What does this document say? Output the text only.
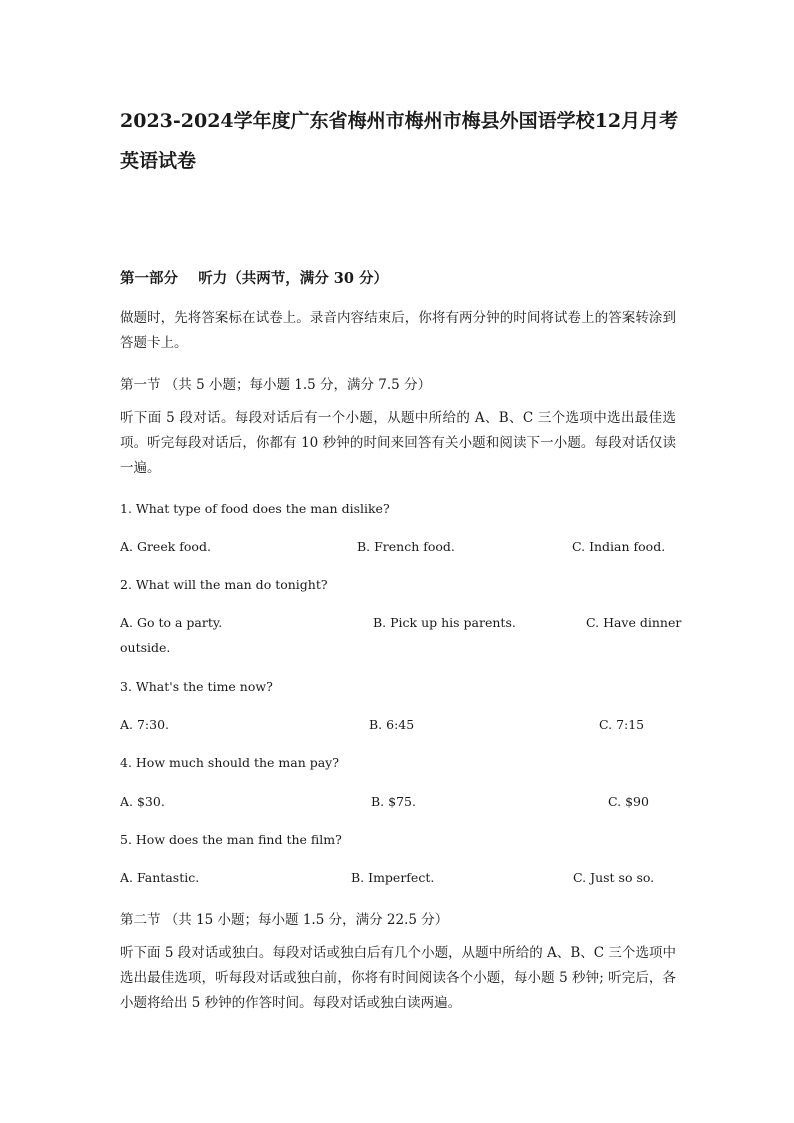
2023-2024学年度广东省梅州市梅州市梅县外国语学校12月月考英语试卷
第一部分    听力（共两节，满分 30 分）
做题时，先将答案标在试卷上。录音内容结束后，你将有两分钟的时间将试卷上的答案转涂到答题卡上。
第一节 （共 5 小题；每小题 1.5 分，满分 7.5 分）
听下面 5 段对话。每段对话后有一个小题，从题中所给的 A、B、C 三个选项中选出最佳选项。听完每段对话后，你都有 10 秒钟的时间来回答有关小题和阅读下一小题。每段对话仅读一遍。
1. What type of food does the man dislike?
A. Greek food.	B. French food.	C. Indian food.
2. What will the man do tonight?
A. Go to a party.	B. Pick up his parents.	C. Have dinner
outside.
3. What's the time now?
A. 7:30.	B. 6:45	C. 7:15
4. How much should the man pay?
A. $30.	B. $75.	C. $90
5. How does the man find the film?
A. Fantastic.	B. Imperfect.	C. Just so so.
第二节 （共 15 小题；每小题 1.5 分，满分 22.5 分）
听下面 5 段对话或独白。每段对话或独白后有几个小题，从题中所给的 A、B、C 三个选项中选出最佳选项，听每段对话或独白前，你将有时间阅读各个小题，每小题 5 秒钟; 听完后，各小题将给出 5 秒钟的作答时间。每段对话或独白读两遍。
